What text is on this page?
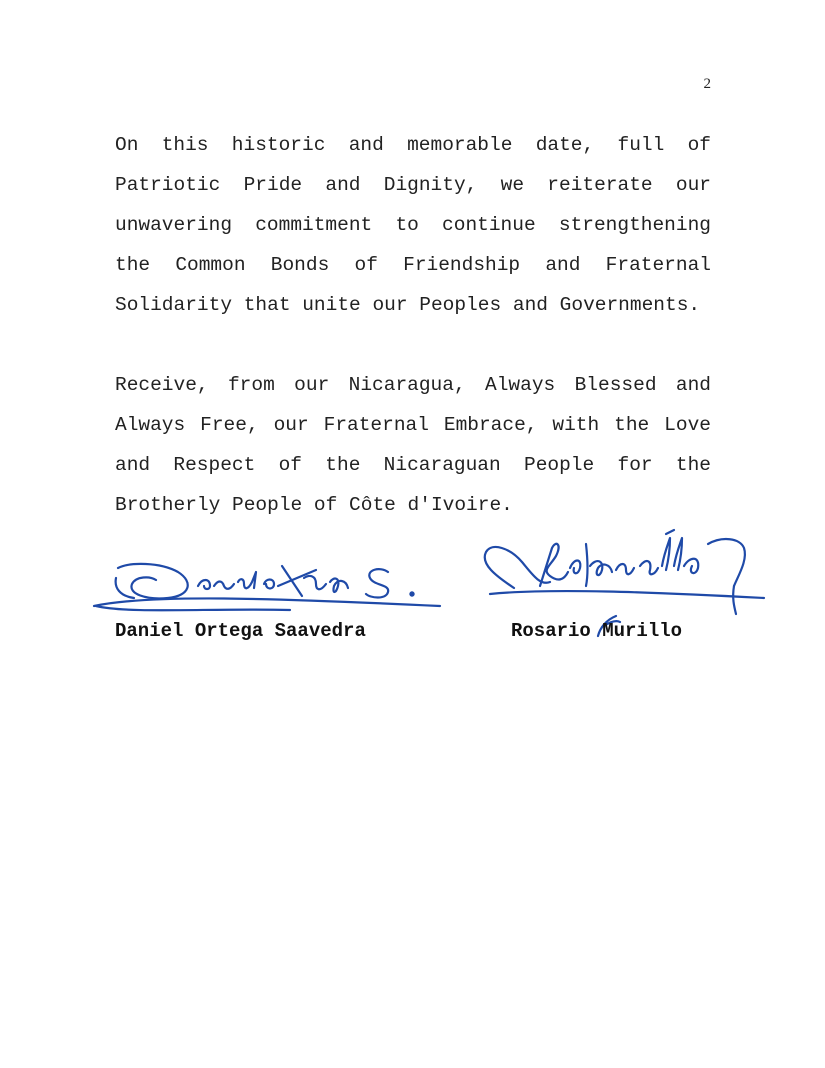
2

On this historic and memorable date, full of Patriotic Pride and Dignity, we reiterate our unwavering commitment to continue strengthening the Common Bonds of Friendship and Fraternal Solidarity that unite our Peoples and Governments.

Receive, from our Nicaragua, Always Blessed and Always Free, our Fraternal Embrace, with the Love and Respect of the Nicaraguan People for the Brotherly People of Côte d'Ivoire.

Daniel Ortega Saavedra	Rosario Murillo
